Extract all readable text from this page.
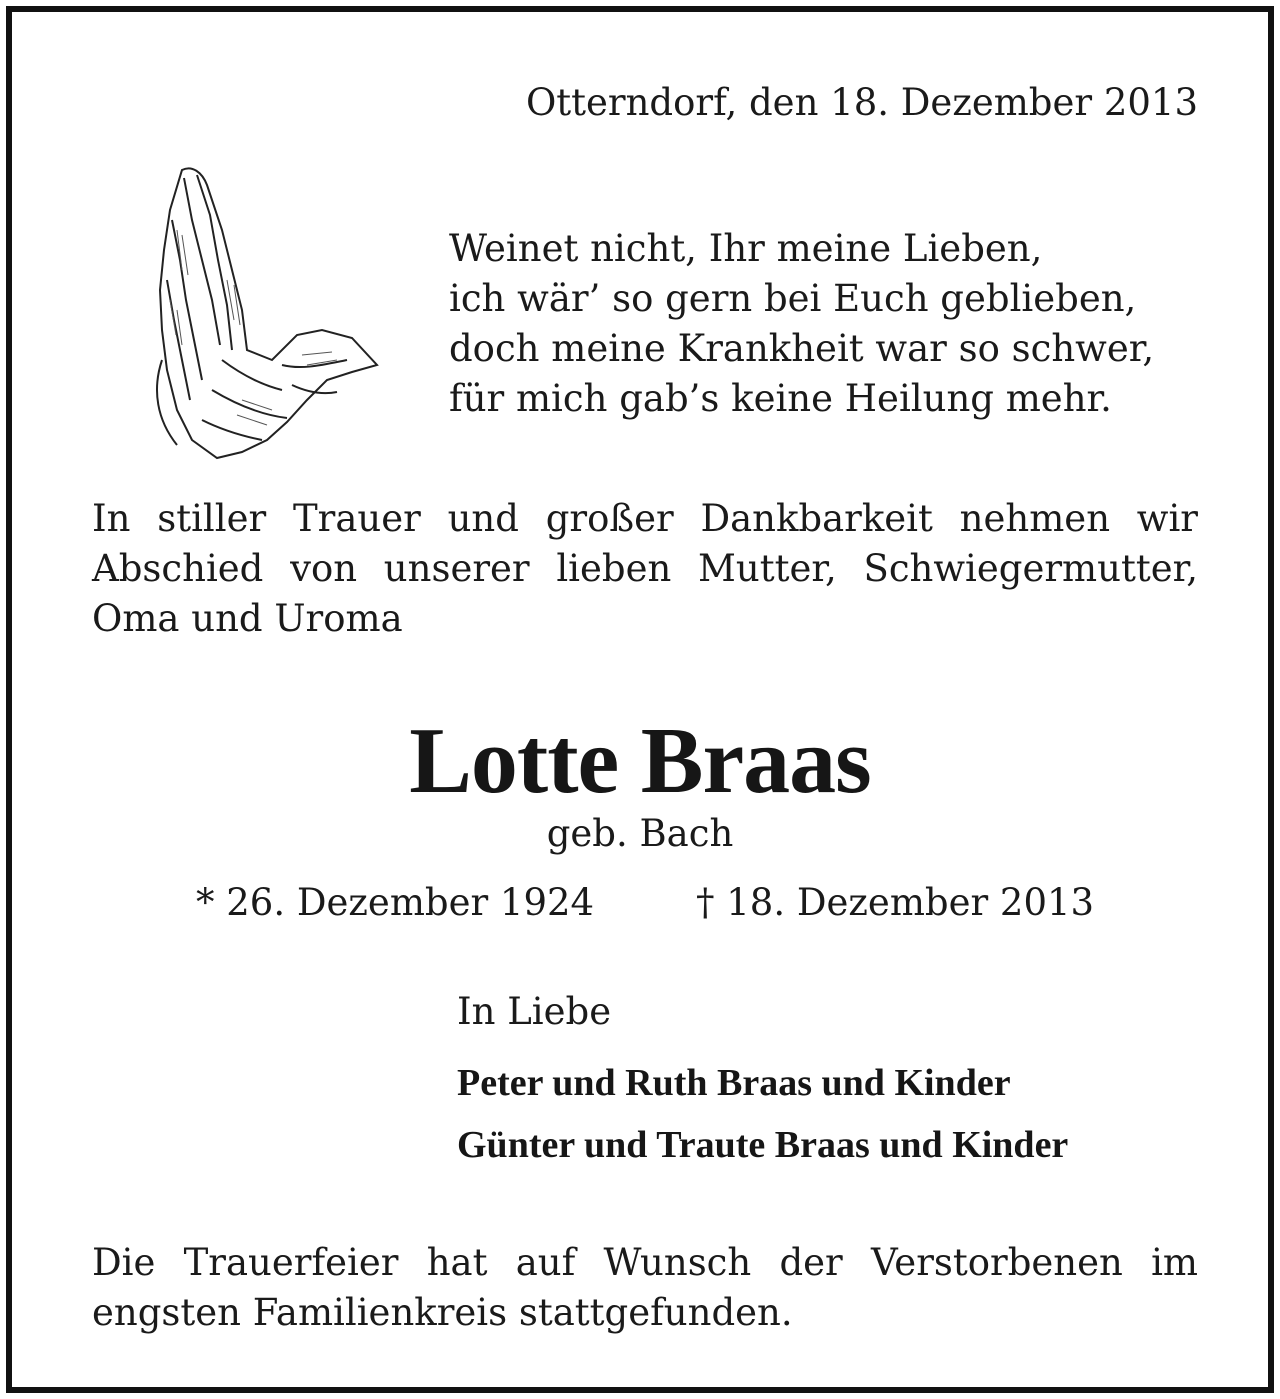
Otterndorf, den 18. Dezember 2013
Weinet nicht, Ihr meine Lieben,
ich wär’ so gern bei Euch geblieben,
doch meine Krankheit war so schwer,
für mich gab’s keine Heilung mehr.
In stiller Trauer und großer Dankbarkeit nehmen wir Abschied von unserer lieben Mutter, Schwiegermutter, Oma und Uroma
Lotte Braas
geb. Bach
* 26. Dezember 1924	† 18. Dezember 2013
In Liebe
Peter und Ruth Braas und Kinder
Günter und Traute Braas und Kinder
Die Trauerfeier hat auf Wunsch der Verstorbenen im engsten Familienkreis stattgefunden.
